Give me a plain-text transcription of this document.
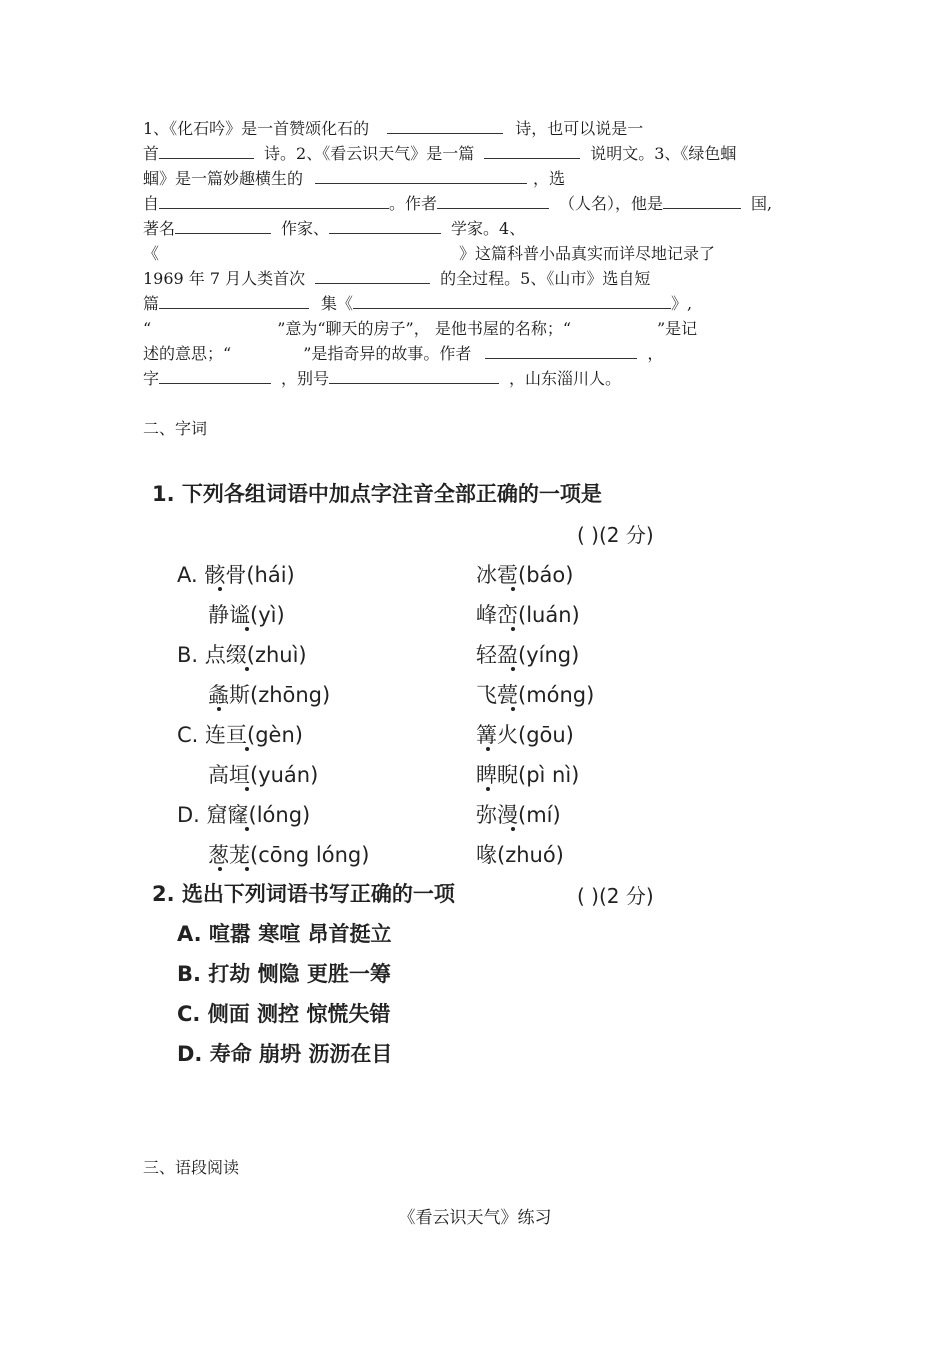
1、《化石吟》是一首赞颂化石的	诗，也可以说是一
首	诗。2、《看云识天气》是一篇	说明文。3、《绿色蝈
蝈》是一篇妙趣横生的	，选
自	。作者	（人名），他是	国,
著名	作家、	学家。4、
《	》这篇科普小品真实而详尽地记录了
1969 年 7 月人类首次	的全过程。5、《山市》选自短
篇	集《	》,
“	”意为“聊天的房子”， 是他书屋的名称；“	”是记
述的意思；“	”是指奇异的故事。作者	，
字	，别号	，山东淄川人。
二、字词
1. 下列各组词语中加点字注音全部正确的一项是
( )(2 分)
A. 骸骨(hái)	冰雹(báo)
静谧(yì)	峰峦(luán)
B. 点缀(zhuì)	轻盈(yíng)
螽斯(zhōng)	飞甍(móng)
C. 连亘(gèn)	篝火(gōu)
高垣(yuán)	睥睨(pì nì)
D. 窟窿(lóng)	弥漫(mí)
葱茏(cōng lóng)	喙(zhuó)
2. 选出下列词语书写正确的一项	( )(2 分)
A. 喧嚣 寒喧 昂首挺立
B. 打劫 恻隐 更胜一筹
C. 侧面 测控 惊慌失错
D. 寿命 崩坍 沥沥在目
三、语段阅读
《看云识天气》练习
